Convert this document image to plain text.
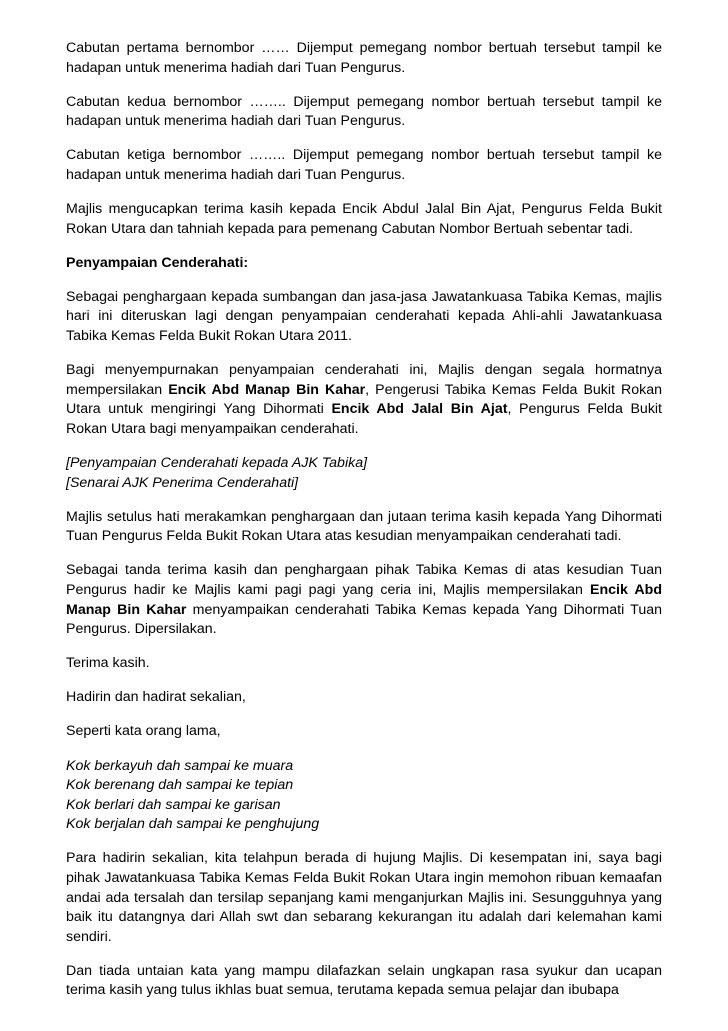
Cabutan pertama bernombor …… Dijemput pemegang nombor bertuah tersebut tampil ke hadapan untuk menerima hadiah dari Tuan Pengurus.

Cabutan kedua bernombor …….. Dijemput pemegang nombor bertuah tersebut tampil ke hadapan untuk menerima hadiah dari Tuan Pengurus.

Cabutan ketiga bernombor …….. Dijemput pemegang nombor bertuah tersebut tampil ke hadapan untuk menerima hadiah dari Tuan Pengurus.

Majlis mengucapkan terima kasih kepada Encik Abdul Jalal Bin Ajat, Pengurus Felda Bukit Rokan Utara dan tahniah kepada para pemenang Cabutan Nombor Bertuah sebentar tadi.

Penyampaian Cenderahati:

Sebagai penghargaan kepada sumbangan dan jasa-jasa Jawatankuasa Tabika Kemas, majlis hari ini diteruskan lagi dengan penyampaian cenderahati kepada Ahli-ahli Jawatankuasa Tabika Kemas Felda Bukit Rokan Utara 2011.

Bagi menyempurnakan penyampaian cenderahati ini, Majlis dengan segala hormatnya mempersilakan Encik Abd Manap Bin Kahar, Pengerusi Tabika Kemas Felda Bukit Rokan Utara untuk mengiringi Yang Dihormati Encik Abd Jalal Bin Ajat, Pengurus Felda Bukit Rokan Utara bagi menyampaikan cenderahati.

[Penyampaian Cenderahati kepada AJK Tabika]
[Senarai AJK Penerima Cenderahati]

Majlis setulus hati merakamkan penghargaan dan jutaan terima kasih kepada Yang Dihormati Tuan Pengurus Felda Bukit Rokan Utara atas kesudian menyampaikan cenderahati tadi.

Sebagai tanda terima kasih dan penghargaan pihak Tabika Kemas di atas kesudian Tuan Pengurus hadir ke Majlis kami pagi pagi yang ceria ini, Majlis mempersilakan Encik Abd Manap Bin Kahar menyampaikan cenderahati Tabika Kemas kepada Yang Dihormati Tuan Pengurus. Dipersilakan.

Terima kasih.

Hadirin dan hadirat sekalian,

Seperti kata orang lama,

Kok berkayuh dah sampai ke muara
Kok berenang dah sampai ke tepian
Kok berlari dah sampai ke garisan
Kok berjalan dah sampai ke penghujung

Para hadirin sekalian, kita telahpun berada di hujung Majlis. Di kesempatan ini, saya bagi pihak Jawatankuasa Tabika Kemas Felda Bukit Rokan Utara ingin memohon ribuan kemaafan andai ada tersalah dan tersilap sepanjang kami menganjurkan Majlis ini. Sesungguhnya yang baik itu datangnya dari Allah swt dan sebarang kekurangan itu adalah dari kelemahan kami sendiri.

Dan tiada untaian kata yang mampu dilafazkan selain ungkapan rasa syukur dan ucapan terima kasih yang tulus ikhlas buat semua, terutama kepada semua pelajar dan ibubapa
